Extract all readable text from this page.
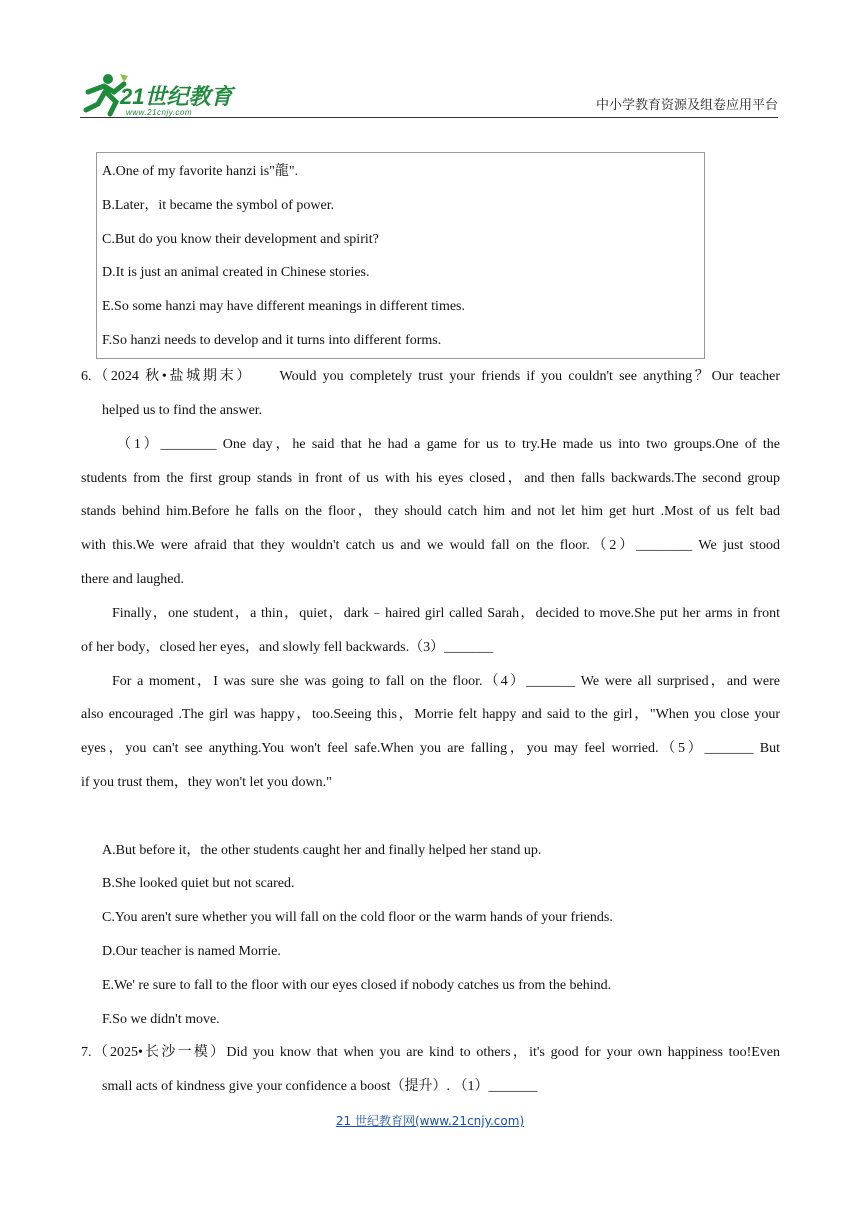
21世纪教育
www.21cnjy.com	中小学教育资源及组卷应用平台
A.One of my favorite hanzi is"龍".
B.Later，it became the symbol of power.
C.But do you know their development and spirit?
D.It is just an animal created in Chinese stories.
E.So some hanzi may have different meanings in different times.
F.So hanzi needs to develop and it turns into different forms.
6.（2024 秋•盐城期末）　　Would you completely trust your friends if you couldn't see anything？Our teacher
helped us to find the answer.
（1）________ One day，he said that he had a game for us to try.He made us into two groups.One of the
students from the first group stands in front of us with his eyes closed，and then falls backwards.The second group
stands behind him.Before he falls on the floor，they should catch him and not let him get hurt .Most of us felt bad
with this.We were afraid that they wouldn't catch us and we would fall on the floor.（2）________ We just stood
there and laughed.
Finally，one student，a thin，quiet，dark﹣haired girl called Sarah，decided to move.She put her arms in front
of her body，closed her eyes，and slowly fell backwards.（3）_______
For a moment，I was sure she was going to fall on the floor.（4）_______ We were all surprised，and were
also encouraged .The girl was happy，too.Seeing this，Morrie felt happy and said to the girl，"When you close your
eyes，you can't see anything.You won't feel safe.When you are falling，you may feel worried.（5）_______ But
if you trust them，they won't let you down."
A.But before it，the other students caught her and finally helped her stand up.
B.She looked quiet but not scared.
C.You aren't sure whether you will fall on the cold floor or the warm hands of your friends.
D.Our teacher is named Morrie.
E.We' re sure to fall to the floor with our eyes closed if nobody catches us from the behind.
F.So we didn't move.
7.（2025•长沙一模）Did you know that when you are kind to others，it's good for your own happiness too!Even
small acts of kindness give your confidence a boost（提升）. （1）_______
21 世纪教育网(www.21cnjy.com)
